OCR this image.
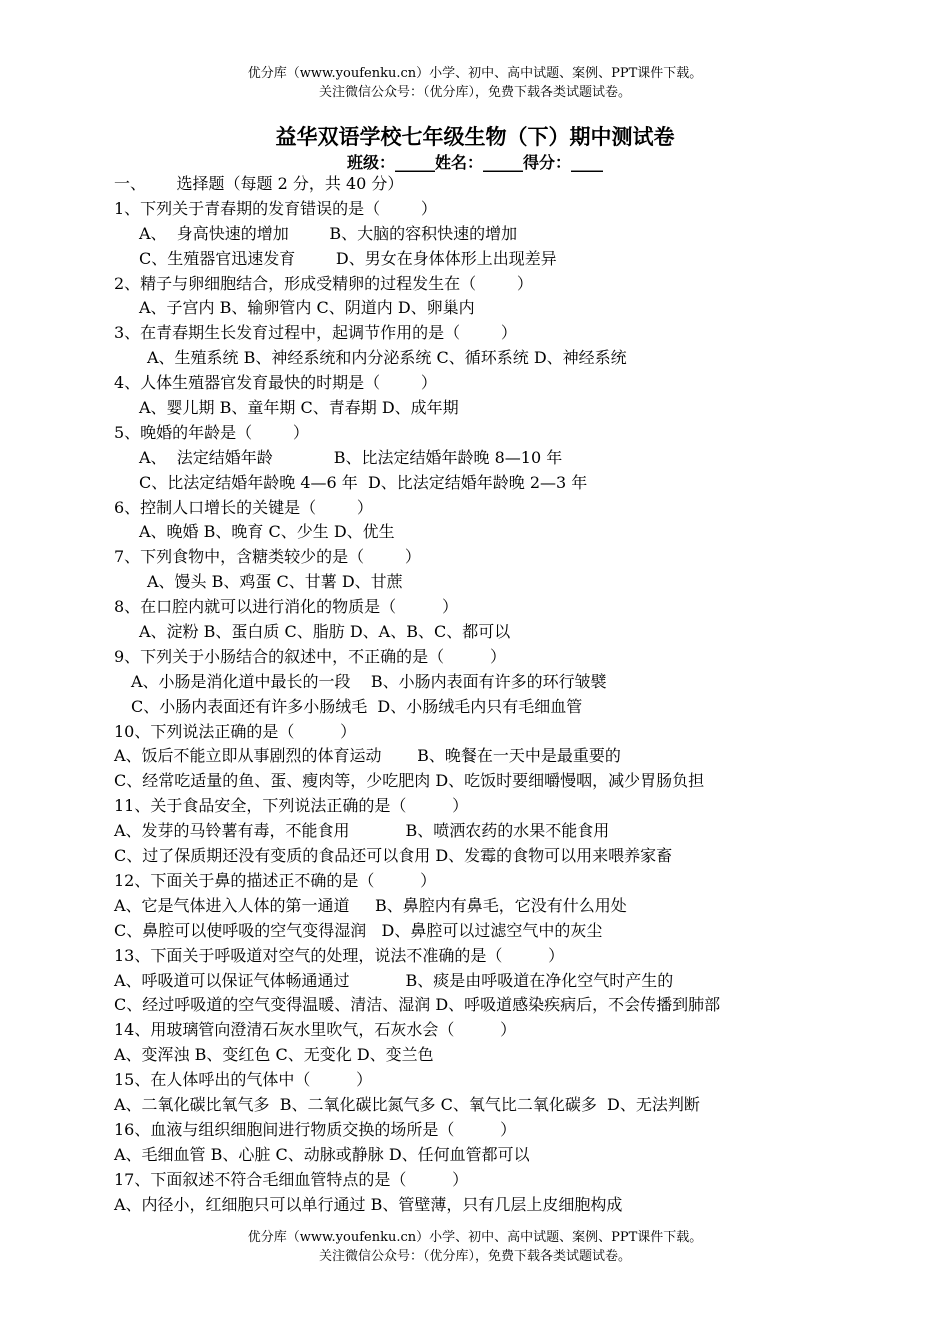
优分库（www.youfenku.cn）小学、初中、高中试题、案例、PPT课件下载。
关注微信公众号：（优分库），免费下载各类试题试卷。
益华双语学校七年级生物（下）期中测试卷
班级：_____姓名：_____得分：____
一、      选择题（每题 2 分，共 40 分）
1、下列关于青春期的发育错误的是（        ）
A、  身高快速的增加        B、大脑的容积快速的增加
C、生殖器官迅速发育        D、男女在身体体形上出现差异
2、精子与卵细胞结合，形成受精卵的过程发生在（        ）
A、子宫内 B、输卵管内 C、阴道内 D、卵巢内
3、在青春期生长发育过程中，起调节作用的是（        ）
A、生殖系统 B、神经系统和内分泌系统 C、循环系统 D、神经系统
4、人体生殖器官发育最快的时期是（        ）
A、婴儿期 B、童年期 C、青春期 D、成年期
5、晚婚的年龄是（        ）
A、  法定结婚年龄            B、比法定结婚年龄晚 8—10 年
C、比法定结婚年龄晚 4—6 年  D、比法定结婚年龄晚 2—3 年
6、控制人口增长的关键是（        ）
A、晚婚 B、晚育 C、少生 D、优生
7、下列食物中，含糖类较少的是（        ）
A、馒头 B、鸡蛋 C、甘薯 D、甘蔗
8、在口腔内就可以进行消化的物质是（         ）
A、淀粉 B、蛋白质 C、脂肪 D、A、B、C、都可以
9、下列关于小肠结合的叙述中，不正确的是（         ）
A、小肠是消化道中最长的一段    B、小肠内表面有许多的环行皱襞
C、小肠内表面还有许多小肠绒毛  D、小肠绒毛内只有毛细血管
10、下列说法正确的是（         ）
A、饭后不能立即从事剧烈的体育运动       B、晚餐在一天中是最重要的
C、经常吃适量的鱼、蛋、瘦肉等，少吃肥肉 D、吃饭时要细嚼慢咽，减少胃肠负担
11、关于食品安全，下列说法正确的是（         ）
A、发芽的马铃薯有毒，不能食用           B、喷洒农药的水果不能食用
C、过了保质期还没有变质的食品还可以食用 D、发霉的食物可以用来喂养家畜
12、下面关于鼻的描述正不确的是（         ）
A、它是气体进入人体的第一通道     B、鼻腔内有鼻毛，它没有什么用处
C、鼻腔可以使呼吸的空气变得湿润   D、鼻腔可以过滤空气中的灰尘
13、下面关于呼吸道对空气的处理，说法不准确的是（         ）
A、呼吸道可以保证气体畅通通过           B、痰是由呼吸道在净化空气时产生的
C、经过呼吸道的空气变得温暖、清洁、湿润 D、呼吸道感染疾病后，不会传播到肺部
14、用玻璃管向澄清石灰水里吹气，石灰水会（         ）
A、变浑浊 B、变红色 C、无变化 D、变兰色
15、在人体呼出的气体中（         ）
A、二氧化碳比氧气多  B、二氧化碳比氮气多 C、氧气比二氧化碳多  D、无法判断
16、血液与组织细胞间进行物质交换的场所是（         ）
A、毛细血管 B、心脏 C、动脉或静脉 D、任何血管都可以
17、下面叙述不符合毛细血管特点的是（         ）
A、内径小，红细胞只可以单行通过 B、管壁薄，只有几层上皮细胞构成
优分库（www.youfenku.cn）小学、初中、高中试题、案例、PPT课件下载。
关注微信公众号：（优分库），免费下载各类试题试卷。
